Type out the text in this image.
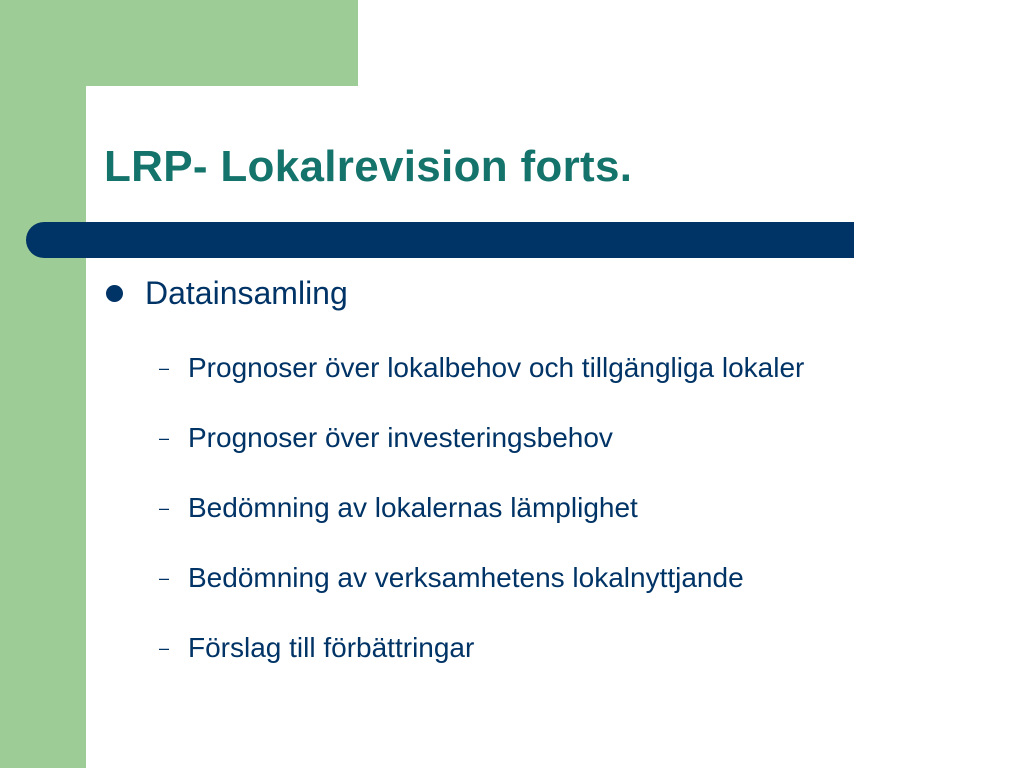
LRP- Lokalrevision forts.
Datainsamling
– Prognoser över lokalbehov och tillgängliga lokaler
– Prognoser över investeringsbehov
– Bedömning av lokalernas lämplighet
– Bedömning av verksamhetens lokalnyttjande
– Förslag till förbättringar
